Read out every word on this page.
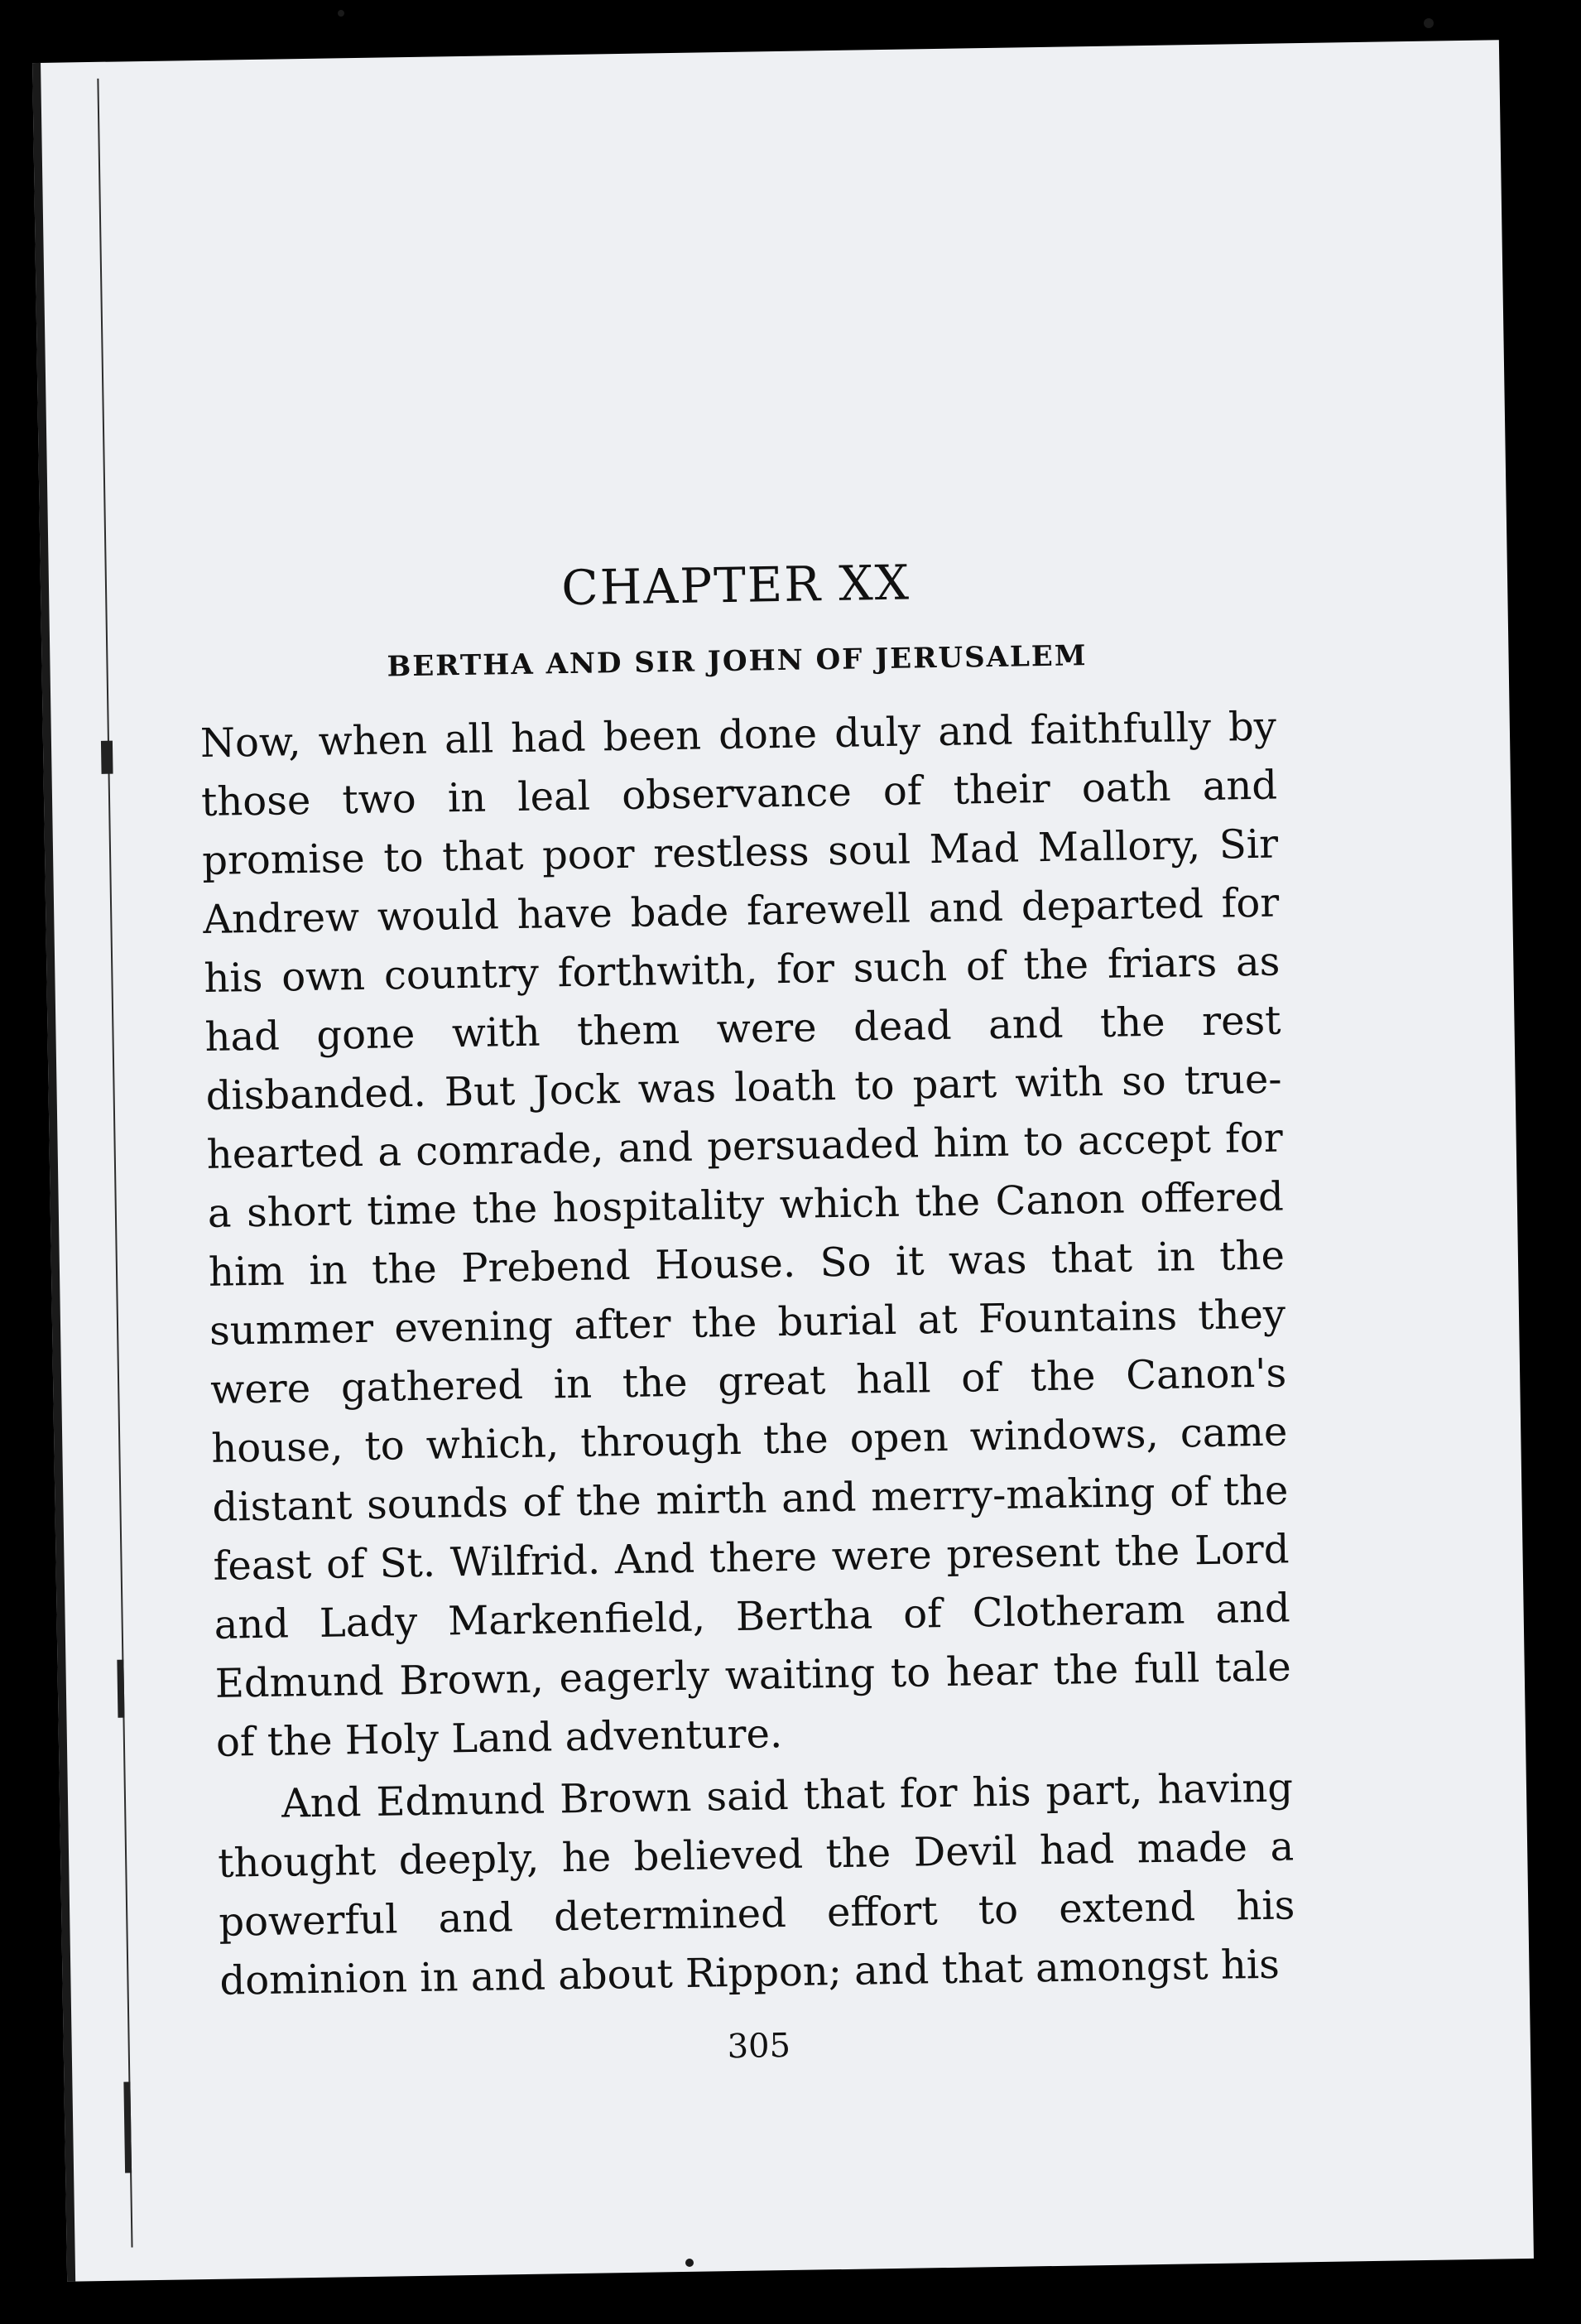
CHAPTER XX
BERTHA AND SIR JOHN OF JERUSALEM

Now, when all had been done duly and faithfully by those two in leal observance of their oath and promise to that poor restless soul Mad Mallory, Sir Andrew would have bade farewell and departed for his own country forthwith, for such of the friars as had gone with them were dead and the rest disbanded. But Jock was loath to part with so true-hearted a comrade, and persuaded him to accept for a short time the hospitality which the Canon offered him in the Prebend House. So it was that in the summer evening after the burial at Fountains they were gathered in the great hall of the Canon's house, to which, through the open windows, came distant sounds of the mirth and merry-making of the feast of St. Wilfrid. And there were present the Lord and Lady Markenfield, Bertha of Clotheram and Edmund Brown, eagerly waiting to hear the full tale of the Holy Land adventure.

And Edmund Brown said that for his part, having thought deeply, he believed the Devil had made a powerful and determined effort to extend his dominion in and about Rippon; and that amongst his

305
